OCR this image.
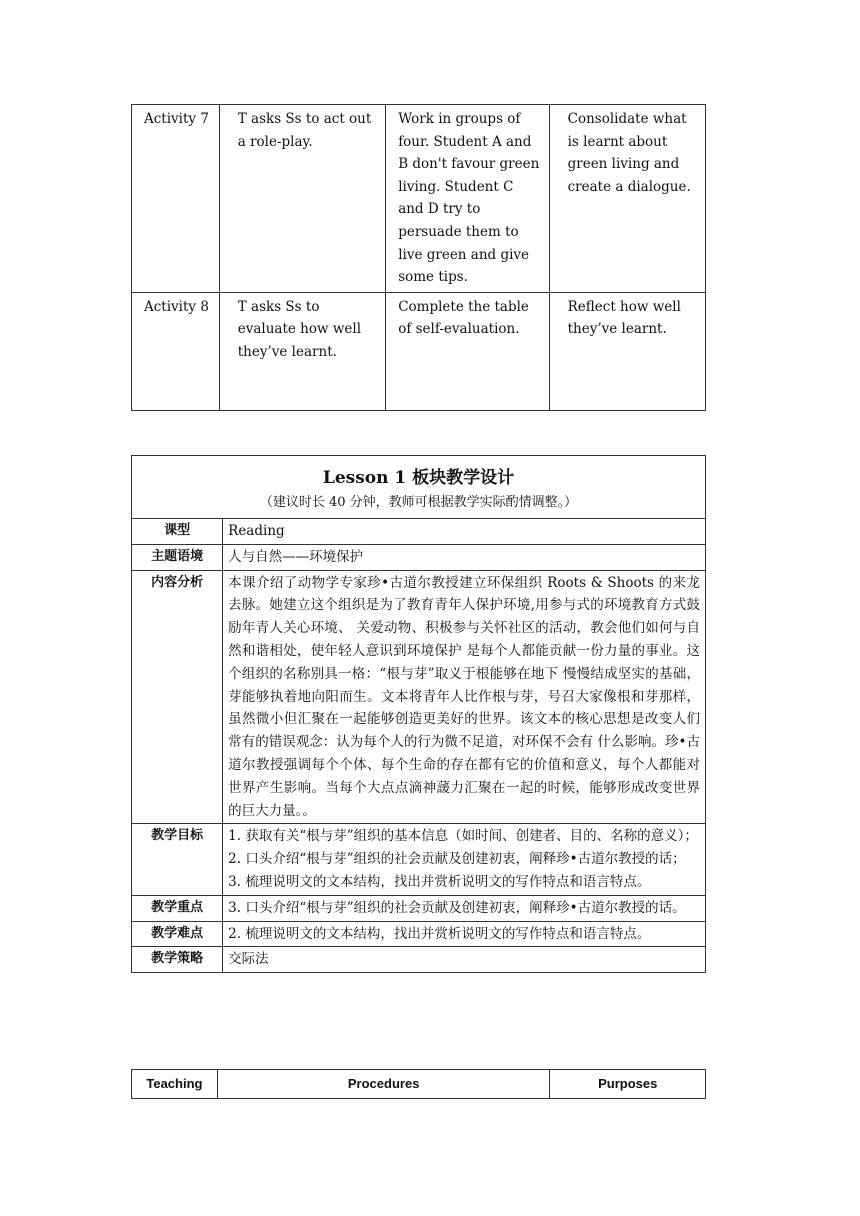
Activity 7	T asks Ss to act out a role-play.	Work in groups of four. Student A and B don't favour green living. Student C and D try to persuade them to live green and give some tips.	Consolidate what is learnt about green living and create a dialogue.
Activity 8	T asks Ss to evaluate how well they’ve learnt.	Complete the table of self-evaluation.	Reflect how well they’ve learnt.
Lesson 1 板块教学设计
（建议时长 40 分钟，教师可根据教学实际酌情调整。）	

课型	Reading
主题语境	人与自然——环境保护
内容分析	本课介绍了动物学专家珍•古道尔教授建立环保组织 Roots & Shoots 的来龙 去脉。她建立这个组织是为了教育青年人保护环境,用参与式的环境教育方式鼓励年青人关心环境、 关爱动物、积极参与关怀社区的活动，教会他们如何与自然和谐相处，使年轻人意识到环境保护 是每个人都能贡献一份力量的事业。这个组织的名称别具一格：“根与芽”取义于根能够在地下 慢慢结成坚实的基础，芽能够执着地向阳而生。文本将青年人比作根与芽，号召大家像根和芽那样， 虽然微小但汇聚在一起能够创造更美好的世界。该文本的核心思想是改变人们常有的错误观念：认为每个人的行为微不足道，对环保不会有 什么影响。珍•古道尔教授强调每个个体、每个生命的存在都有它的价值和意义，每个人都能对 世界产生影响。当每个大点点滴神蘐力汇聚在一起的时候，能够形成改变世界的巨大力量。。
教学目标	1. 获取有关“根与芽”组织的基本信息（如时间、创建者、目的、名称的意义）；
2. 口头介绍“根与芽”组织的社会贡献及创建初衷，阐释珍•古道尔教授的话；
3. 梳理说明文的文本结构，找出并赏析说明文的写作特点和语言特点。

教学重点	3. 口头介绍“根与芽”组织的社会贡献及创建初衷，阐释珍•古道尔教授的话。

教学难点	2. 梳理说明文的文本结构，找出并赏析说明文的写作特点和语言特点。
教学策略	交际法
Teaching	Procedures	Purposes
